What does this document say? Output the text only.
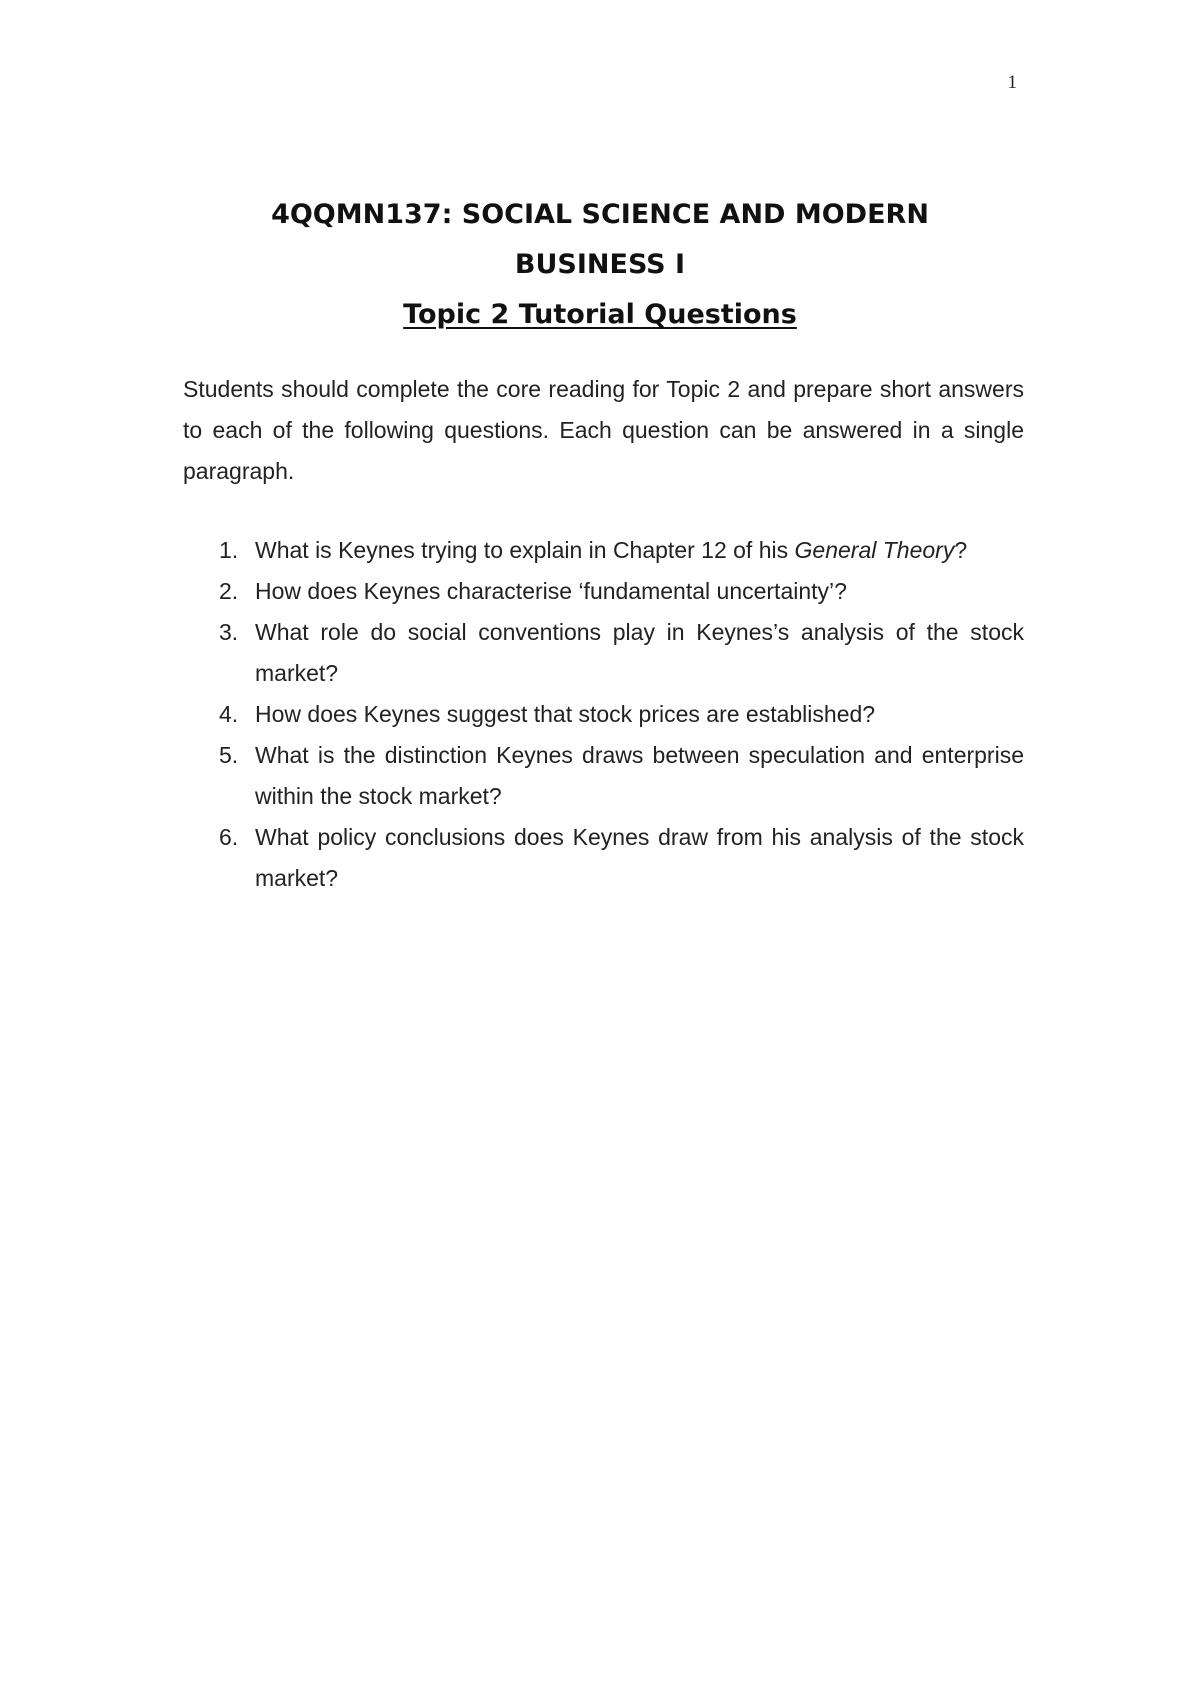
1
4QQMN137: SOCIAL SCIENCE AND MODERN
BUSINESS I
Topic 2 Tutorial Questions

Students should complete the core reading for Topic 2 and prepare short answers to each of the following questions. Each question can be answered in a single paragraph.

1. What is Keynes trying to explain in Chapter 12 of his General Theory?
2. How does Keynes characterise ‘fundamental uncertainty’?
3. What role do social conventions play in Keynes’s analysis of the stock market?
4. How does Keynes suggest that stock prices are established?
5. What is the distinction Keynes draws between speculation and enterprise within the stock market?
6. What policy conclusions does Keynes draw from his analysis of the stock market?
